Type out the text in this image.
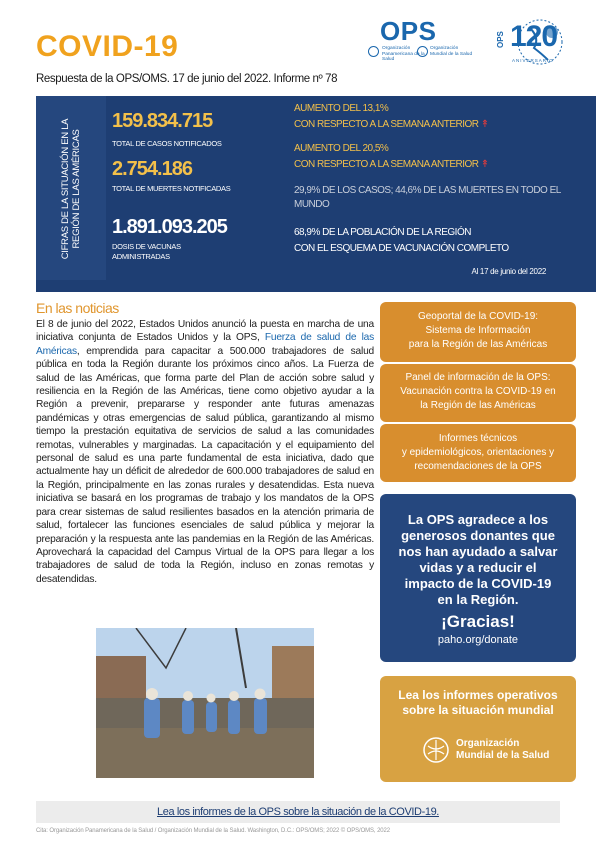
COVID-19
Respuesta de la OPS/OMS. 17 de junio del 2022. Informe nº 78
OPS
Organización Panamericana de la Salud
Organización Mundial de la Salud
OPS 120
ANIVERSARIO
CIFRAS DE LA SITUACIÓN EN LA REGIÓN DE LAS AMÉRICAS
159.834.715
TOTAL DE CASOS NOTIFICADOS
2.754.186
TOTAL DE MUERTES NOTIFICADAS
1.891.093.205
DOSIS DE VACUNAS
ADMINISTRADAS
AUMENTO DEL 13,1%
CON RESPECTO A LA SEMANA ANTERIOR ↟
AUMENTO DEL 20,5%
CON RESPECTO A LA SEMANA ANTERIOR ↟
29,9% DE LOS CASOS; 44,6% DE LAS MUERTES EN TODO EL MUNDO
68,9% DE LA POBLACIÓN DE LA REGIÓN
CON EL ESQUEMA DE VACUNACIÓN COMPLETO
Al 17 de junio del 2022
En las noticias
El 8 de junio del 2022, Estados Unidos anunció la puesta en marcha de una iniciativa conjunta de Estados Unidos y la OPS, Fuerza de salud de las Américas, emprendida para capacitar a 500.000 trabajadores de salud pública en toda la Región durante los próximos cinco años. La Fuerza de salud de las Américas, que forma parte del Plan de acción sobre salud y resiliencia en la Región de las Américas, tiene como objetivo ayudar a la Región a prevenir, prepararse y responder ante futuras amenazas pandémicas y otras emergencias de salud pública, garantizando al mismo tiempo la prestación equitativa de servicios de salud a las comunidades remotas, vulnerables y marginadas. La capacitación y el equipamiento del personal de salud es una parte fundamental de esta iniciativa, dado que actualmente hay un déficit de alrededor de 600.000 trabajadores de salud en la Región, principalmente en las zonas rurales y desatendidas. Esta nueva iniciativa se basará en los programas de trabajo y los mandatos de la OPS para crear sistemas de salud resilientes basados en la atención primaria de salud, fortalecer las funciones esenciales de salud pública y mejorar la preparación y la respuesta ante las pandemias en la Región de las Américas. Aprovechará la capacidad del Campus Virtual de la OPS para llegar a los trabajadores de salud de toda la Región, incluso en zonas remotas y desatendidas.
Geoportal de la COVID-19:
Sistema de Información
para la Región de las Américas
Panel de información de la OPS:
Vacunación contra la COVID-19 en
la Región de las Américas
Informes técnicos
y epidemiológicos, orientaciones y
recomendaciones de la OPS
La OPS agradece a los generosos donantes que nos han ayudado a salvar vidas y a reducir el impacto de la COVID-19 en la Región.
¡Gracias!
paho.org/donate
Lea los informes operativos
sobre la situación mundial
Organización
Mundial de la Salud
Lea los informes de la OPS sobre la situación de la COVID-19.
Cita: Organización Panamericana de la Salud / Organización Mundial de la Salud. Washington, D.C.: OPS/OMS; 2022 © OPS/OMS, 2022
